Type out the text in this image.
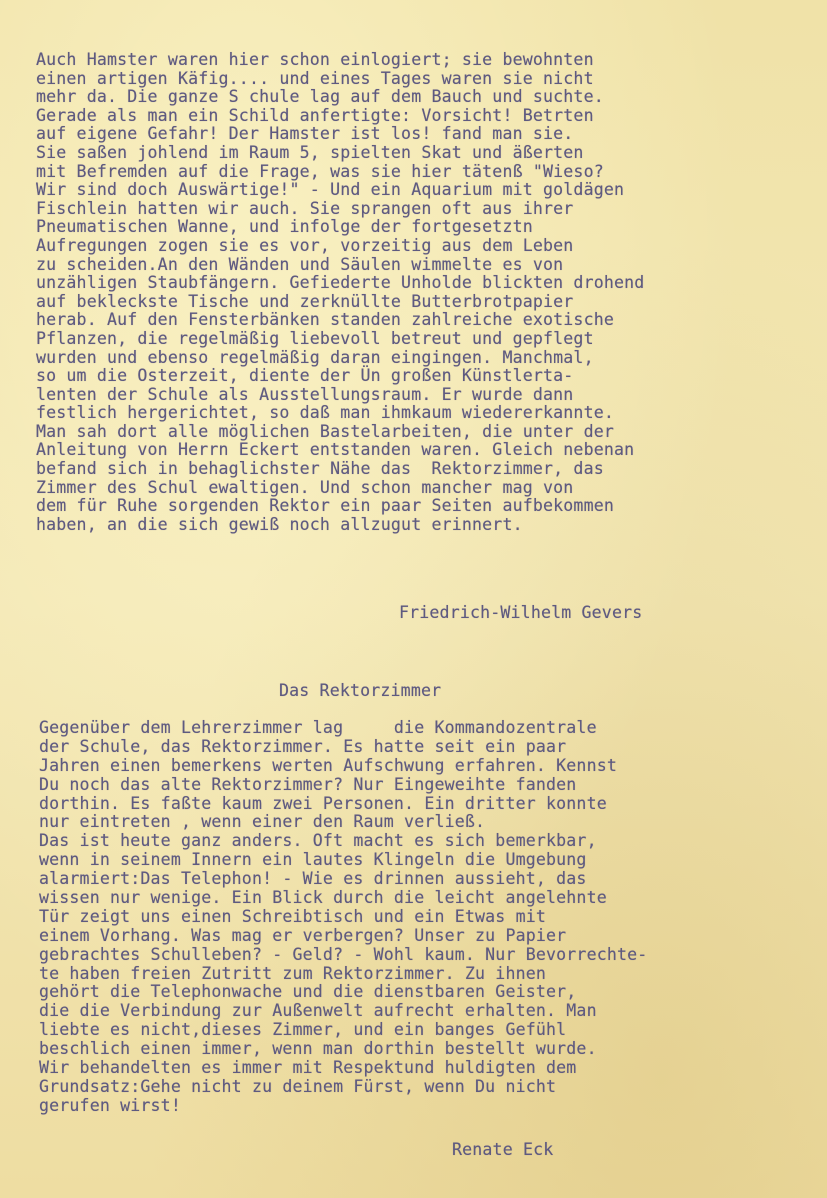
Auch Hamster waren hier schon einlogiert; sie bewohnten
einen artigen Käfig.... und eines Tages waren sie nicht
mehr da. Die ganze S chule lag auf dem Bauch und suchte.
Gerade als man ein Schild anfertigte: Vorsicht! Betrten
auf eigene Gefahr! Der Hamster ist los! fand man sie.
Sie saßen johlend im Raum 5, spielten Skat und äßerten
mit Befremden auf die Frage, was sie hier tätenß "Wieso?
Wir sind doch Auswärtige!" - Und ein Aquarium mit goldägen
Fischlein hatten wir auch. Sie sprangen oft aus ihrer
Pneumatischen Wanne, und infolge der fortgesetztn
Aufregungen zogen sie es vor, vorzeitig aus dem Leben
zu scheiden.An den Wänden und Säulen wimmelte es von
unzähligen Staubfängern. Gefiederte Unholde blickten drohend
auf bekleckste Tische und zerknüllte Butterbrotpapier
herab. Auf den Fensterbänken standen zahlreiche exotische
Pflanzen, die regelmäßig liebevoll betreut und gepflegt
wurden und ebenso regelmäßig daran eingingen. Manchmal,
so um die Osterzeit, diente der Ün großen Künstlerta-
lenten der Schule als Ausstellungsraum. Er wurde dann
festlich hergerichtet, so daß man ihmkaum wiedererkannte.
Man sah dort alle möglichen Bastelarbeiten, die unter der
Anleitung von Herrn Eckert entstanden waren. Gleich nebenan
befand sich in behaglichster Nähe das  Rektorzimmer, das
Zimmer des Schul ewaltigen. Und schon mancher mag von
dem für Ruhe sorgenden Rektor ein paar Seiten aufbekommen
haben, an die sich gewiß noch allzugut erinnert.
Friedrich-Wilhelm Gevers
Das Rektorzimmer
Gegenüber dem Lehrerzimmer lag     die Kommandozentrale
der Schule, das Rektorzimmer. Es hatte seit ein paar
Jahren einen bemerkens werten Aufschwung erfahren. Kennst
Du noch das alte Rektorzimmer? Nur Eingeweihte fanden
dorthin. Es faßte kaum zwei Personen. Ein dritter konnte
nur eintreten , wenn einer den Raum verließ.
Das ist heute ganz anders. Oft macht es sich bemerkbar,
wenn in seinem Innern ein lautes Klingeln die Umgebung
alarmiert:Das Telephon! - Wie es drinnen aussieht, das
wissen nur wenige. Ein Blick durch die leicht angelehnte
Tür zeigt uns einen Schreibtisch und ein Etwas mit
einem Vorhang. Was mag er verbergen? Unser zu Papier
gebrachtes Schulleben? - Geld? - Wohl kaum. Nur Bevorrechte-
te haben freien Zutritt zum Rektorzimmer. Zu ihnen
gehört die Telephonwache und die dienstbaren Geister,
die die Verbindung zur Außenwelt aufrecht erhalten. Man
liebte es nicht,dieses Zimmer, und ein banges Gefühl
beschlich einen immer, wenn man dorthin bestellt wurde.
Wir behandelten es immer mit Respektund huldigten dem
Grundsatz:Gehe nicht zu deinem Fürst, wenn Du nicht
gerufen wirst!
Renate Eck
